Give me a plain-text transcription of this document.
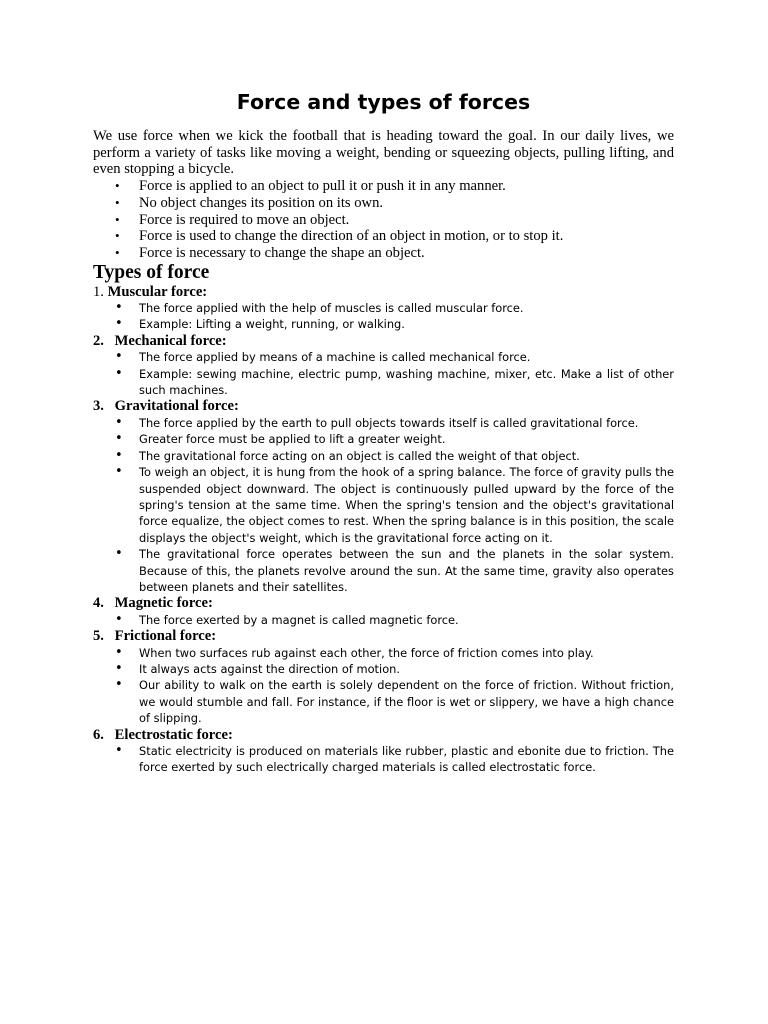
Force and types of forces

We use force when we kick the football that is heading toward the goal. In our daily lives, we perform a variety of tasks like moving a weight, bending or squeezing objects, pulling lifting, and even stopping a bicycle.

• Force is applied to an object to pull it or push it in any manner.
• No object changes its position on its own.
• Force is required to move an object.
• Force is used to change the direction of an object in motion, or to stop it.
• Force is necessary to change the shape an object.
Types of force

1. Muscular force:

• The force applied with the help of muscles is called muscular force.
• Example: Lifting a weight, running, or walking.

2. Mechanical force:

• The force applied by means of a machine is called mechanical force.
• Example: sewing machine, electric pump, washing machine, mixer, etc. Make a list of other such machines.

3. Gravitational force:

• The force applied by the earth to pull objects towards itself is called gravitational force.
• Greater force must be applied to lift a greater weight.
• The gravitational force acting on an object is called the weight of that object.
• To weigh an object, it is hung from the hook of a spring balance. The force of gravity pulls the suspended object downward. The object is continuously pulled upward by the force of the spring's tension at the same time. When the spring's tension and the object's gravitational force equalize, the object comes to rest. When the spring balance is in this position, the scale displays the object's weight, which is the gravitational force acting on it.
• The gravitational force operates between the sun and the planets in the solar system. Because of this, the planets revolve around the sun. At the same time, gravity also operates between planets and their satellites.

4. Magnetic force:

• The force exerted by a magnet is called magnetic force.

5. Frictional force:

• When two surfaces rub against each other, the force of friction comes into play.
• It always acts against the direction of motion.
• Our ability to walk on the earth is solely dependent on the force of friction. Without friction, we would stumble and fall. For instance, if the floor is wet or slippery, we have a high chance of slipping.

6. Electrostatic force:

• Static electricity is produced on materials like rubber, plastic and ebonite due to friction. The force exerted by such electrically charged materials is called electrostatic force.
